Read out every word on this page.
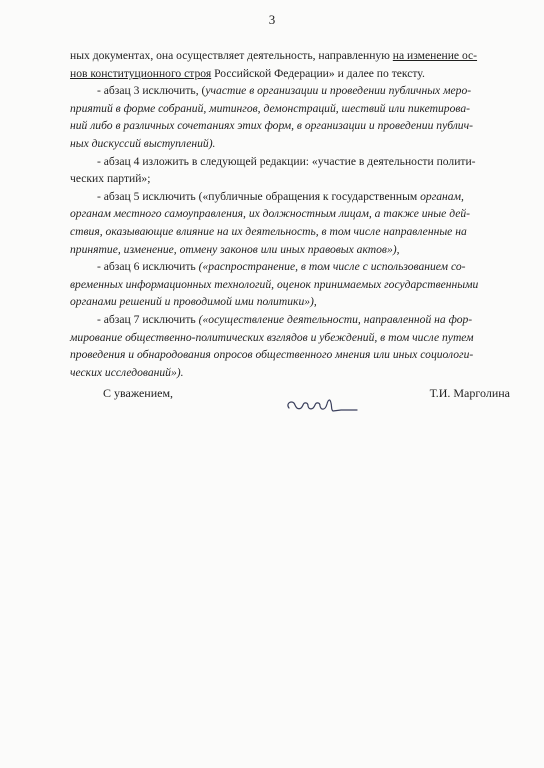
3
ных документах, она осуществляет деятельность, направленную на изменение ос-
нов конституционного строя Российской Федерации» и далее по тексту.
- абзац 3 исключить, (участие в организации и проведении публичных меро-
приятий в форме собраний, митингов, демонстраций, шествий или пикетирова-
ний либо в различных сочетаниях этих форм, в организации и проведении публич-
ных дискуссий выступлений).
- абзац 4 изложить в следующей редакции: «участие в деятельности полити-
ческих партий»;
- абзац 5 исключить («публичные обращения к государственным органам,
органам местного самоуправления, их должностным лицам, а также иные дей-
ствия, оказывающие влияние на их деятельность, в том числе направленные на
принятие, изменение, отмену законов или иных правовых актов»),
- абзац 6 исключить («распространение, в том числе с использованием со-
временных информационных технологий, оценок принимаемых государственными
органами решений и проводимой ими политики»),
- абзац 7 исключить («осуществление деятельности, направленной на фор-
мирование общественно-политических взглядов и убеждений, в том числе путем
проведения и обнародования опросов общественного мнения или иных социологи-
ческих исследований»).
С уважением,	Т.И. Марголина
